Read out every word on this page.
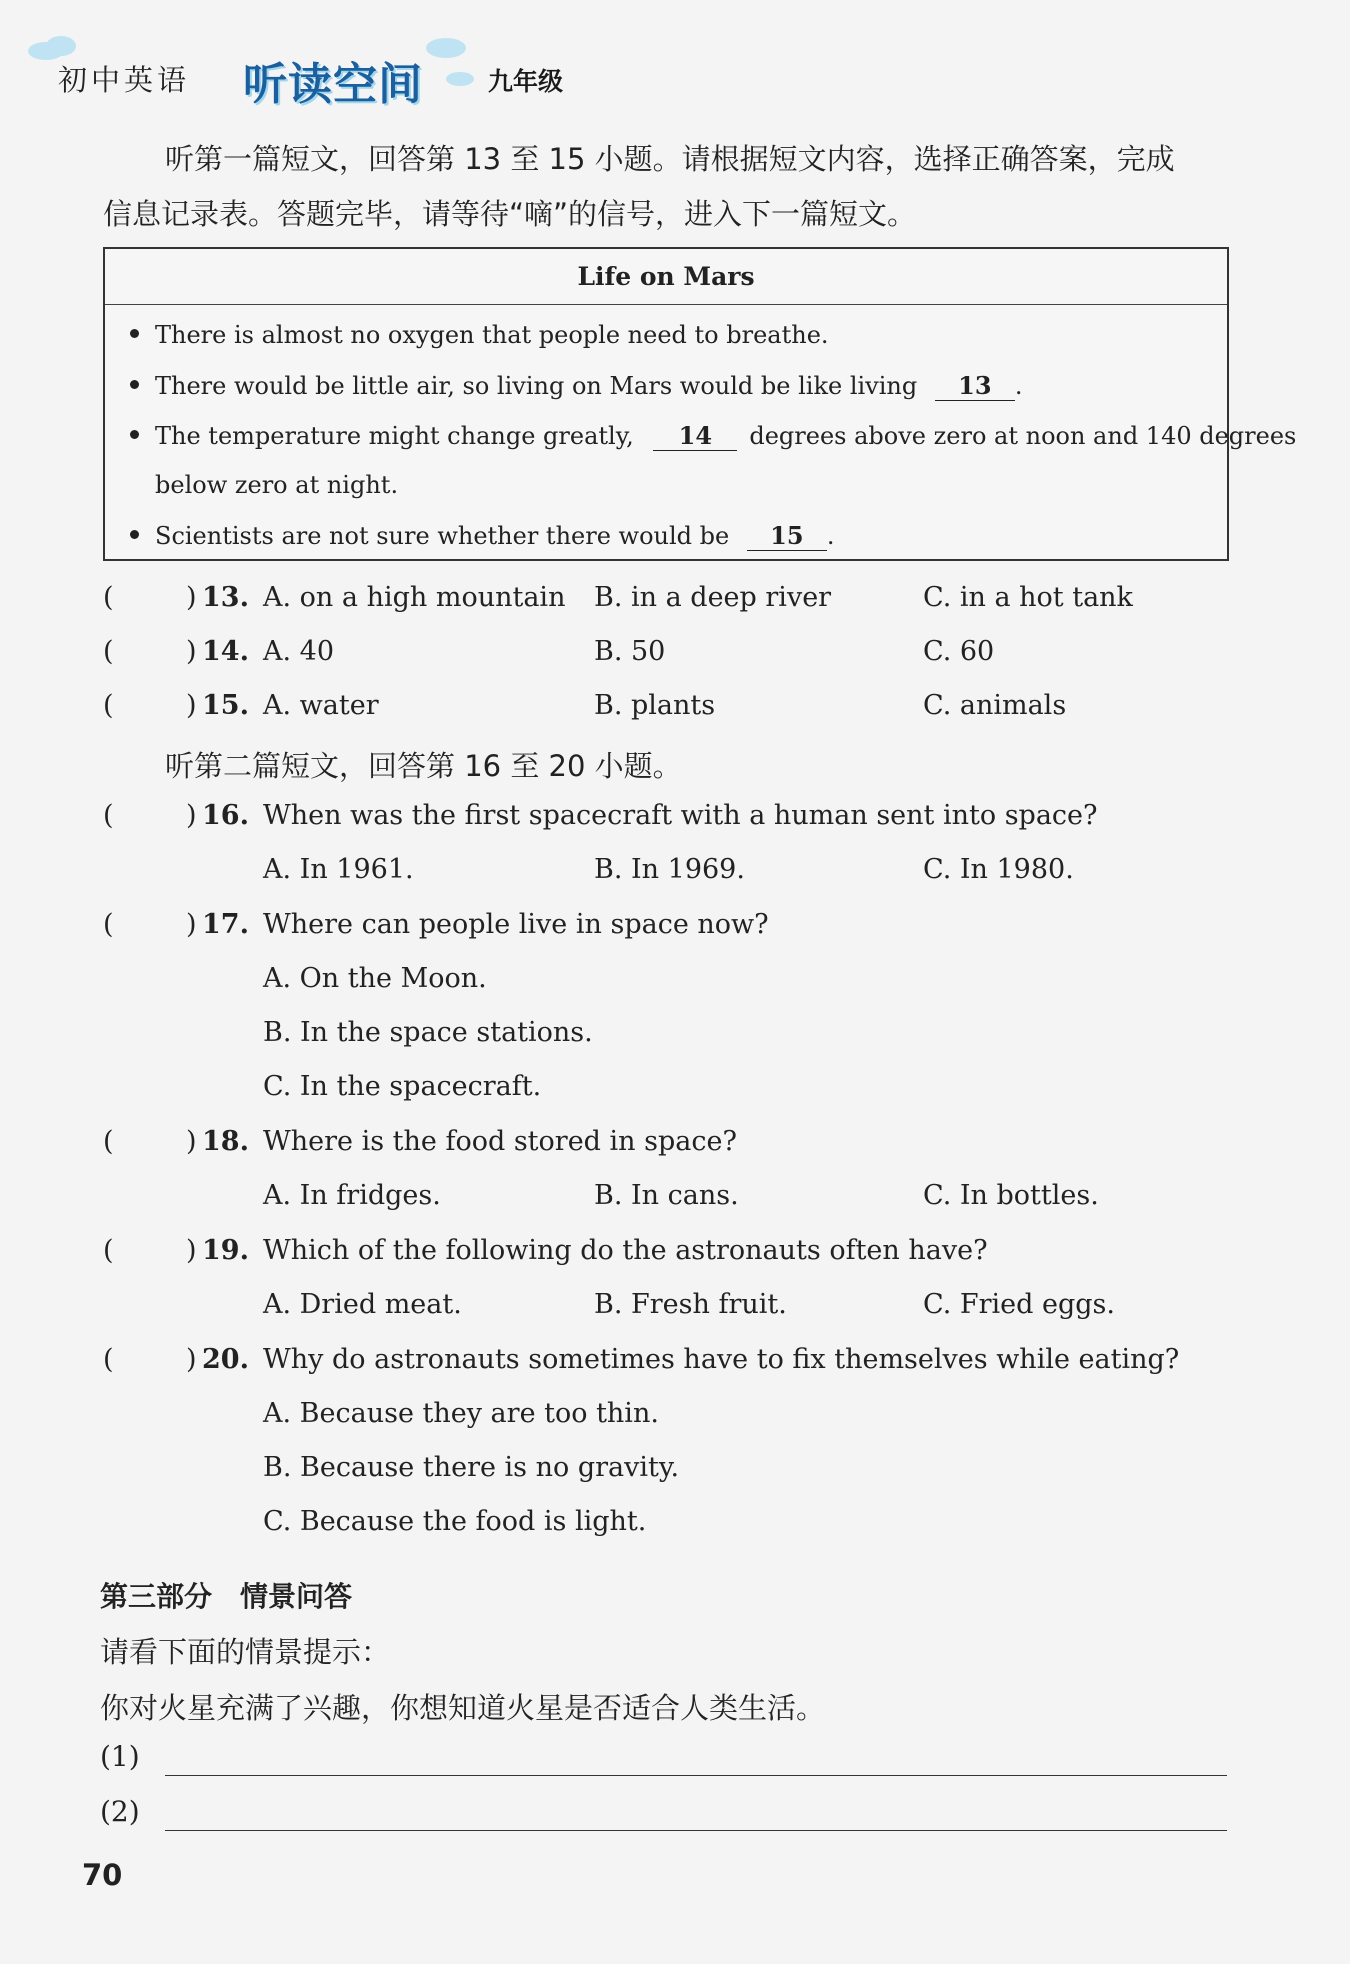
初中英语 听读空间	九年级
听第一篇短文，回答第 13 至 15 小题。请根据短文内容，选择正确答案，完成
信息记录表。答题完毕，请等待“嘀”的信号，进入下一篇短文。
Life on Mars
There is almost no oxygen that people need to breathe.
There would be little air, so living on Mars would be like living 13 .
The temperature might change greatly, 14 degrees above zero at noon and 140 degrees
below zero at night.
Scientists are not sure whether there would be 15 .
(	) 13. A. on a high mountain B. in a deep river	C. in a hot tank
(	) 14. A. 40	B. 50	C. 60
(	) 15. A. water	B. plants	C. animals
听第二篇短文，回答第 16 至 20 小题。
(	) 16. When was the first spacecraft with a human sent into space?
A. In 1961.	B. In 1969.	C. In 1980.
(	) 17. Where can people live in space now?
A. On the Moon.
B. In the space stations.
C. In the spacecraft.
(	) 18. Where is the food stored in space?
A. In fridges.	B. In cans.	C. In bottles.
(	) 19. Which of the following do the astronauts often have?
A. Dried meat.	B. Fresh fruit.	C. Fried eggs.
(	) 20. Why do astronauts sometimes have to fix themselves while eating?
A. Because they are too thin.
B. Because there is no gravity.
C. Because the food is light.
第三部分　情景问答
请看下面的情景提示：
你对火星充满了兴趣，你想知道火星是否适合人类生活。
(1)
(2)
70
